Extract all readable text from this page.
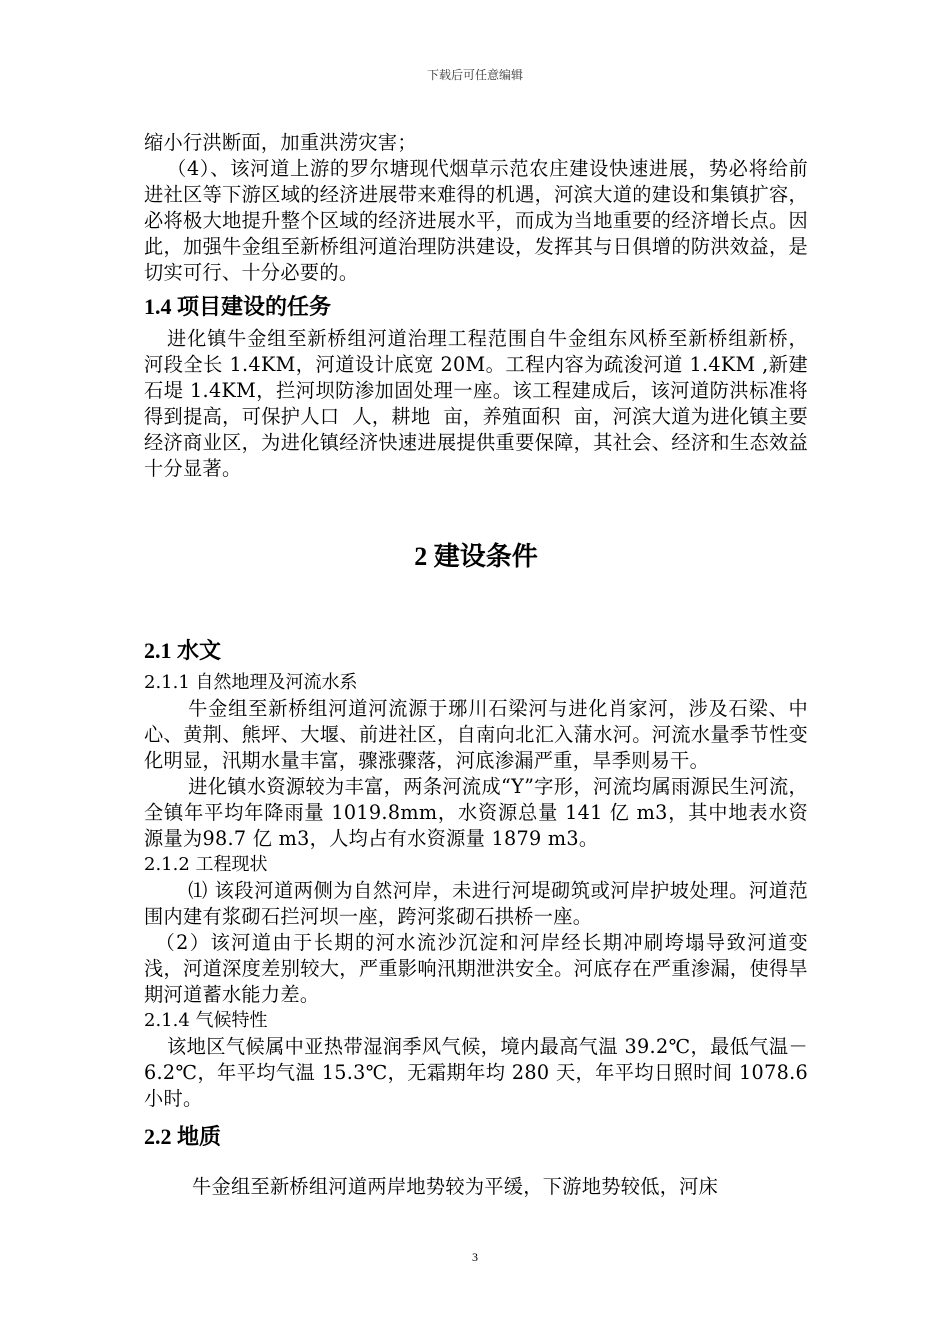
下载后可任意编辑

缩小行洪断面，加重洪涝灾害；

（4）、该河道上游的罗尔塘现代烟草示范农庄建设快速进展，势必将给前进社区等下游区域的经济进展带来难得的机遇，河滨大道的建设和集镇扩容，必将极大地提升整个区域的经济进展水平，而成为当地重要的经济增长点。因此，加强牛金组至新桥组河道治理防洪建设，发挥其与日俱增的防洪效益，是切实可行、十分必要的。

1.4 项目建设的任务

进化镇牛金组至新桥组河道治理工程范围自牛金组东风桥至新桥组新桥，河段全长 1.4KM，河道设计底宽 20M。工程内容为疏浚河道 1.4KM ,新建石堤 1.4KM，拦河坝防渗加固处理一座。该工程建成后，该河道防洪标准将得到提高，可保护人口  人，耕地  亩，养殖面积  亩，河滨大道为进化镇主要经济商业区，为进化镇经济快速进展提供重要保障，其社会、经济和生态效益十分显著。

2 建设条件
2.1 水文

2.1.1 自然地理及河流水系

牛金组至新桥组河道河流源于琊川石梁河与进化肖家河，涉及石梁、中心、黄荆、熊坪、大堰、前进社区，自南向北汇入蒲水河。河流水量季节性变化明显，汛期水量丰富，骤涨骤落，河底渗漏严重，旱季则易干。

进化镇水资源较为丰富，两条河流成“Y”字形，河流均属雨源民生河流，全镇年平均年降雨量 1019.8mm，水资源总量 141 亿 m3，其中地表水资源量为98.7 亿 m3，人均占有水资源量 1879 m3。

2.1.2 工程现状

⑴ 该段河道两侧为自然河岸，未进行河堤砌筑或河岸护坡处理。河道范围内建有浆砌石拦河坝一座，跨河浆砌石拱桥一座。

（2）该河道由于长期的河水流沙沉淀和河岸经长期冲刷垮塌导致河道变浅，河道深度差别较大，严重影响汛期泄洪安全。河底存在严重渗漏，使得旱期河道蓄水能力差。

2.1.4 气候特性

该地区气候属中亚热带湿润季风气候，境内最高气温 39.2℃，最低气温－6.2℃，年平均气温 15.3℃，无霜期年均 280 天，年平均日照时间 1078.6 小时。

2.2 地质

牛金组至新桥组河道两岸地势较为平缓，下游地势较低，河床

3
